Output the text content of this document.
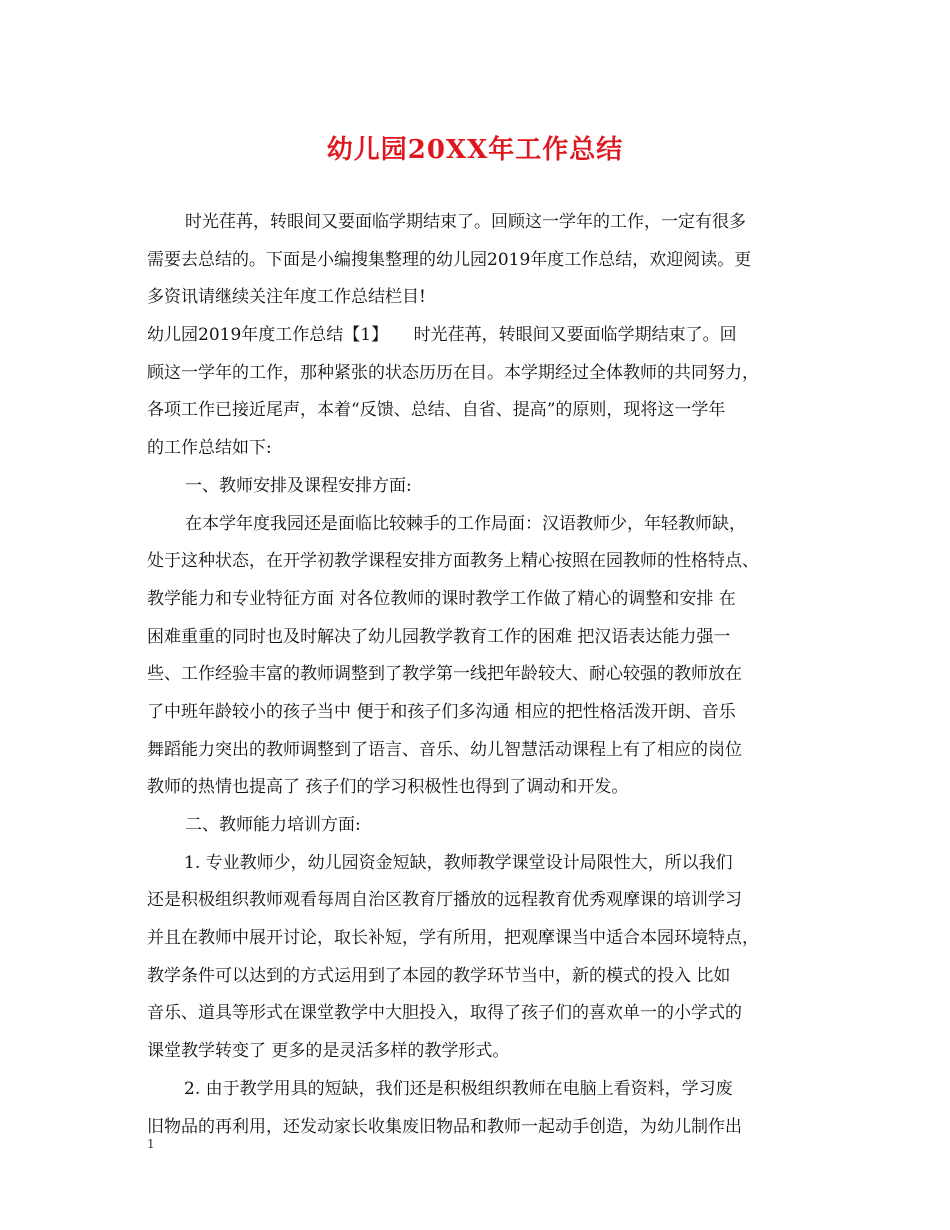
幼儿园20XX年工作总结
时光荏苒，转眼间又要面临学期结束了。回顾这一学年的工作，一定有很多
需要去总结的。下面是小编搜集整理的幼儿园2019年度工作总结，欢迎阅读。更
多资讯请继续关注年度工作总结栏目!
幼儿园2019年度工作总结【1】　　时光荏苒，转眼间又要面临学期结束了。回
顾这一学年的工作，那种紧张的状态历历在目。本学期经过全体教师的共同努力，
各项工作已接近尾声，本着“反馈、总结、自省、提高”的原则，现将这一学年
的工作总结如下:
一、教师安排及课程安排方面:
在本学年度我园还是面临比较棘手的工作局面：汉语教师少，年轻教师缺，
处于这种状态，在开学初教学课程安排方面教务上精心按照在园教师的性格特点、
教学能力和专业特征方面 对各位教师的课时教学工作做了精心的调整和安排 在
困难重重的同时也及时解决了幼儿园教学教育工作的困难 把汉语表达能力强一
些、工作经验丰富的教师调整到了教学第一线把年龄较大、耐心较强的教师放在
了中班年龄较小的孩子当中 便于和孩子们多沟通 相应的把性格活泼开朗、音乐
舞蹈能力突出的教师调整到了语言、音乐、幼儿智慧活动课程上有了相应的岗位
教师的热情也提高了 孩子们的学习积极性也得到了调动和开发。
二、教师能力培训方面:
1. 专业教师少，幼儿园资金短缺，教师教学课堂设计局限性大，所以我们
还是积极组织教师观看每周自治区教育厅播放的远程教育优秀观摩课的培训学习
并且在教师中展开讨论，取长补短，学有所用，把观摩课当中适合本园环境特点，
教学条件可以达到的方式运用到了本园的教学环节当中，新的模式的投入 比如
音乐、道具等形式在课堂教学中大胆投入，取得了孩子们的喜欢单一的小学式的
课堂教学转变了 更多的是灵活多样的教学形式。
2. 由于教学用具的短缺，我们还是积极组织教师在电脑上看资料，学习废
旧物品的再利用，还发动家长收集废旧物品和教师一起动手创造，为幼儿制作出
1
